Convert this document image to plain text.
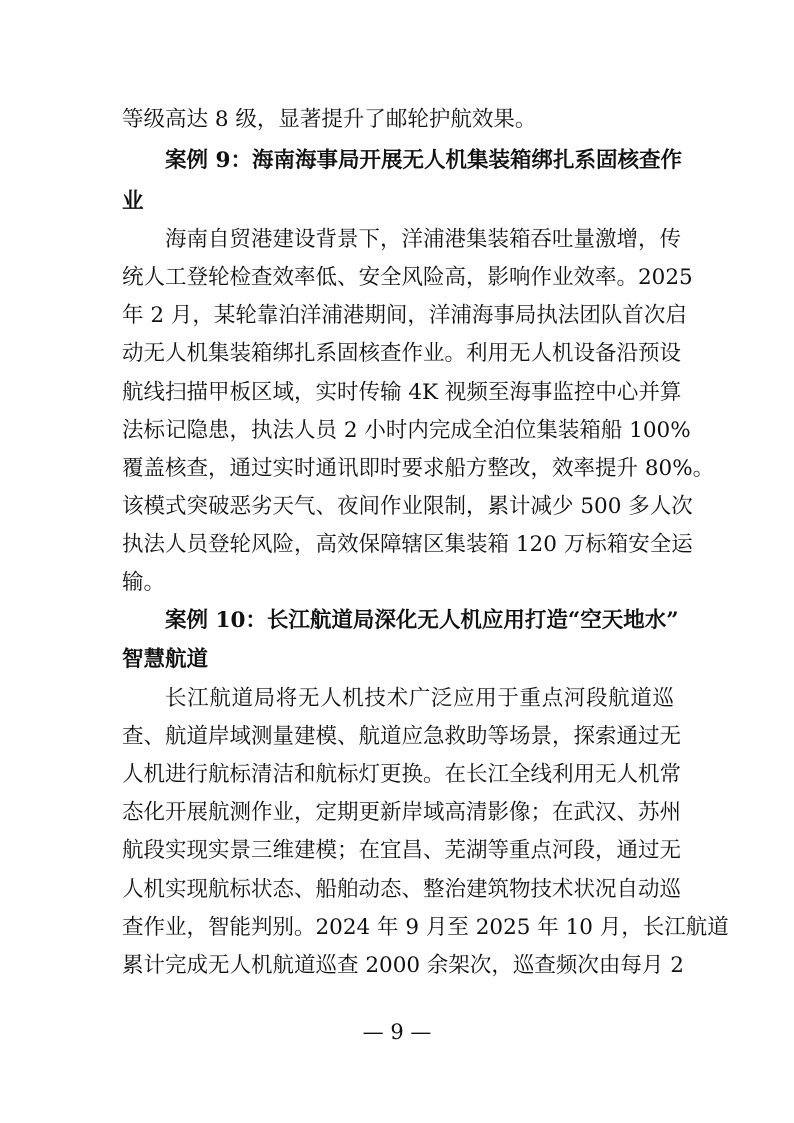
等级高达 8 级，显著提升了邮轮护航效果。
案例 9：海南海事局开展无人机集装箱绑扎系固核查作
业
海南自贸港建设背景下，洋浦港集装箱吞吐量激增，传
统人工登轮检查效率低、安全风险高，影响作业效率。2025
年 2 月，某轮靠泊洋浦港期间，洋浦海事局执法团队首次启
动无人机集装箱绑扎系固核查作业。利用无人机设备沿预设
航线扫描甲板区域，实时传输 4K 视频至海事监控中心并算
法标记隐患，执法人员 2 小时内完成全泊位集装箱船 100%
覆盖核查，通过实时通讯即时要求船方整改，效率提升 80%。
该模式突破恶劣天气、夜间作业限制，累计减少 500 多人次
执法人员登轮风险，高效保障辖区集装箱 120 万标箱安全运
输。
案例 10：长江航道局深化无人机应用打造“空天地水”
智慧航道
长江航道局将无人机技术广泛应用于重点河段航道巡
查、航道岸域测量建模、航道应急救助等场景，探索通过无
人机进行航标清洁和航标灯更换。在长江全线利用无人机常
态化开展航测作业，定期更新岸域高清影像；在武汉、苏州
航段实现实景三维建模；在宜昌、芜湖等重点河段，通过无
人机实现航标状态、船舶动态、整治建筑物技术状况自动巡
查作业，智能判别。2024 年 9 月至 2025 年 10 月，长江航道
累计完成无人机航道巡查 2000 余架次，巡查频次由每月 2
— 9 —
